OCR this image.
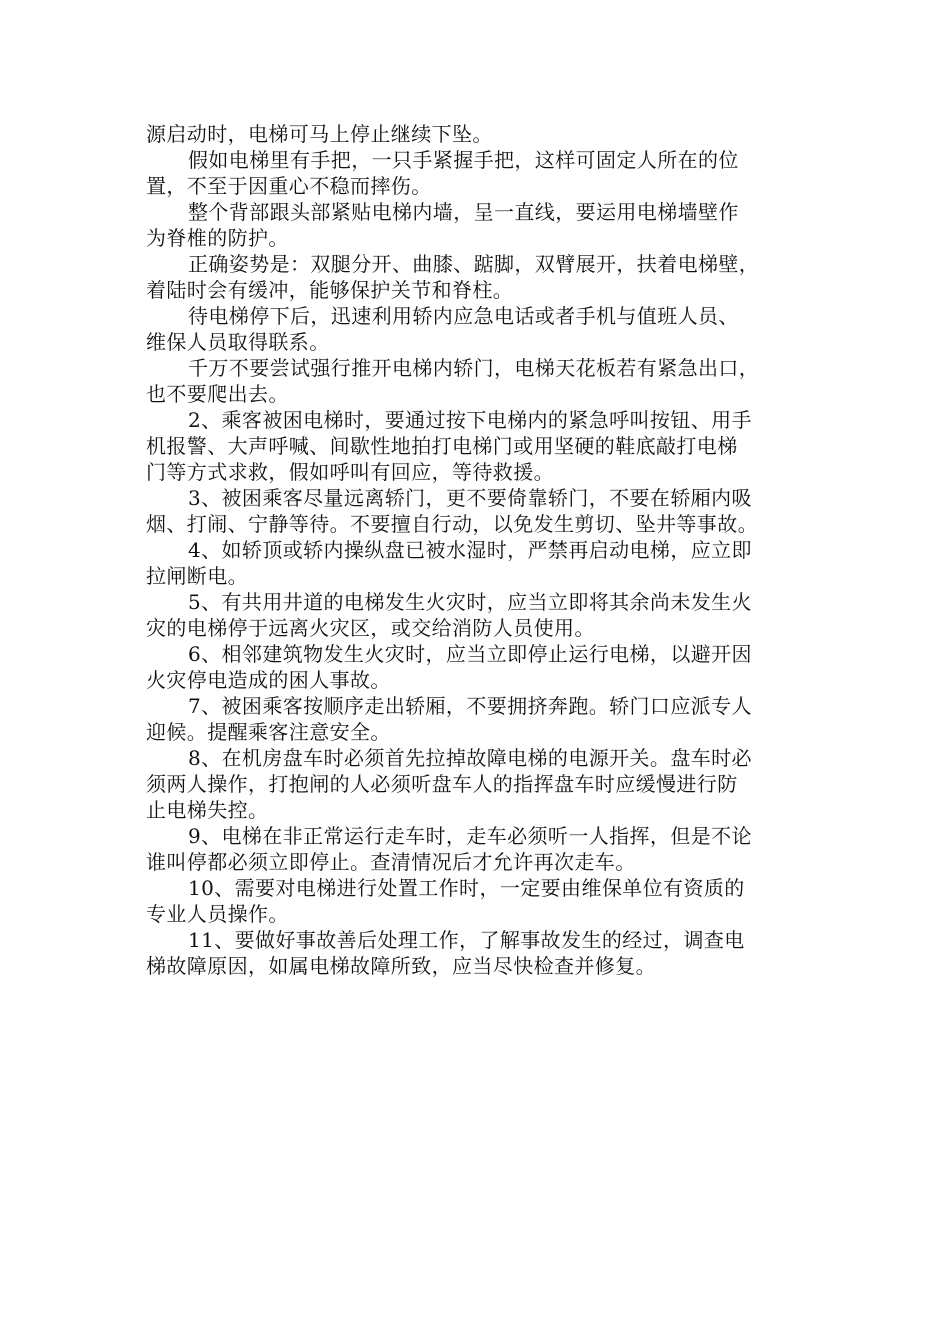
源启动时，电梯可马上停止继续下坠。
假如电梯里有手把，一只手紧握手把，这样可固定人所在的位
置，不至于因重心不稳而摔伤。
整个背部跟头部紧贴电梯内墙，呈一直线，要运用电梯墙壁作
为脊椎的防护。
正确姿势是：双腿分开、曲膝、踮脚，双臂展开，扶着电梯壁，
着陆时会有缓冲，能够保护关节和脊柱。
待电梯停下后，迅速利用轿内应急电话或者手机与值班人员、
维保人员取得联系。
千万不要尝试强行推开电梯内轿门，电梯天花板若有紧急出口，
也不要爬出去。
2、乘客被困电梯时，要通过按下电梯内的紧急呼叫按钮、用手
机报警、大声呼喊、间歇性地拍打电梯门或用坚硬的鞋底敲打电梯
门等方式求救，假如呼叫有回应，等待救援。
3、被困乘客尽量远离轿门，更不要倚靠轿门，不要在轿厢内吸
烟、打闹、宁静等待。不要擅自行动，以免发生剪切、坠井等事故。
4、如轿顶或轿内操纵盘已被水湿时，严禁再启动电梯，应立即
拉闸断电。
5、有共用井道的电梯发生火灾时，应当立即将其余尚未发生火
灾的电梯停于远离火灾区，或交给消防人员使用。
6、相邻建筑物发生火灾时，应当立即停止运行电梯，以避开因
火灾停电造成的困人事故。
7、被困乘客按顺序走出轿厢，不要拥挤奔跑。轿门口应派专人
迎候。提醒乘客注意安全。
8、在机房盘车时必须首先拉掉故障电梯的电源开关。盘车时必
须两人操作，打抱闸的人必须听盘车人的指挥盘车时应缓慢进行防
止电梯失控。
9、电梯在非正常运行走车时，走车必须听一人指挥，但是不论
谁叫停都必须立即停止。查清情况后才允许再次走车。
10、需要对电梯进行处置工作时，一定要由维保单位有资质的
专业人员操作。
11、要做好事故善后处理工作，了解事故发生的经过，调查电
梯故障原因，如属电梯故障所致，应当尽快检查并修复。
